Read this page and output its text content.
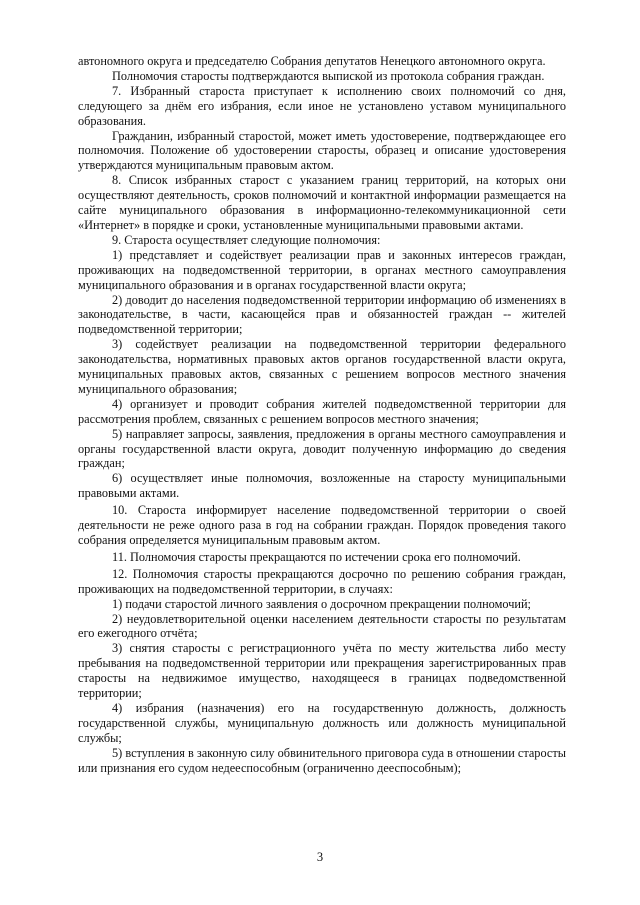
автономного округа и председателю Собрания депутатов Ненецкого автономного округа.

Полномочия старосты подтверждаются выпиской из протокола собрания граждан.

7. Избранный староста приступает к исполнению своих полномочий со дня, следующего за днём его избрания, если иное не установлено уставом муниципального образования.

Гражданин, избранный старостой, может иметь удостоверение, подтверждающее его полномочия. Положение об удостоверении старосты, образец и описание удостоверения утверждаются муниципальным правовым актом.

8. Список избранных старост с указанием границ территорий, на которых они осуществляют деятельность, сроков полномочий и контактной информации размещается на сайте муниципального образования в информационно-телекоммуникационной сети «Интернет» в порядке и сроки, установленные муниципальными правовыми актами.

9. Староста осуществляет следующие полномочия:

1) представляет и содействует реализации прав и законных интересов граждан, проживающих на подведомственной территории, в органах местного самоуправления муниципального образования и в органах государственной власти округа;

2) доводит до населения подведомственной территории информацию об изменениях в законодательстве, в части, касающейся прав и обязанностей граждан -- жителей подведомственной территории;

3) содействует реализации на подведомственной территории федерального законодательства, нормативных правовых актов органов государственной власти округа, муниципальных правовых актов, связанных с решением вопросов местного значения муниципального образования;

4) организует и проводит собрания жителей подведомственной территории для рассмотрения проблем, связанных с решением вопросов местного значения;

5) направляет запросы, заявления, предложения в органы местного самоуправления и органы государственной власти округа, доводит полученную информацию до сведения граждан;

6) осуществляет иные полномочия, возложенные на старосту муниципальными правовыми актами.

10. Староста информирует население подведомственной территории о своей деятельности не реже одного раза в год на собрании граждан. Порядок проведения такого собрания определяется муниципальным правовым актом.

11. Полномочия старосты прекращаются по истечении срока его полномочий.

12. Полномочия старосты прекращаются досрочно по решению собрания граждан, проживающих на подведомственной территории, в случаях:

1) подачи старостой личного заявления о досрочном прекращении полномочий;

2) неудовлетворительной оценки населением деятельности старосты по результатам его ежегодного отчёта;

3) снятия старосты с регистрационного учёта по месту жительства либо месту пребывания на подведомственной территории или прекращения зарегистрированных прав старосты на недвижимое имущество, находящееся в границах подведомственной территории;

4) избрания (назначения) его на государственную должность, должность государственной службы, муниципальную должность или должность муниципальной службы;

5) вступления в законную силу обвинительного приговора суда в отношении старосты или признания его судом недееспособным (ограниченно дееспособным);

3
